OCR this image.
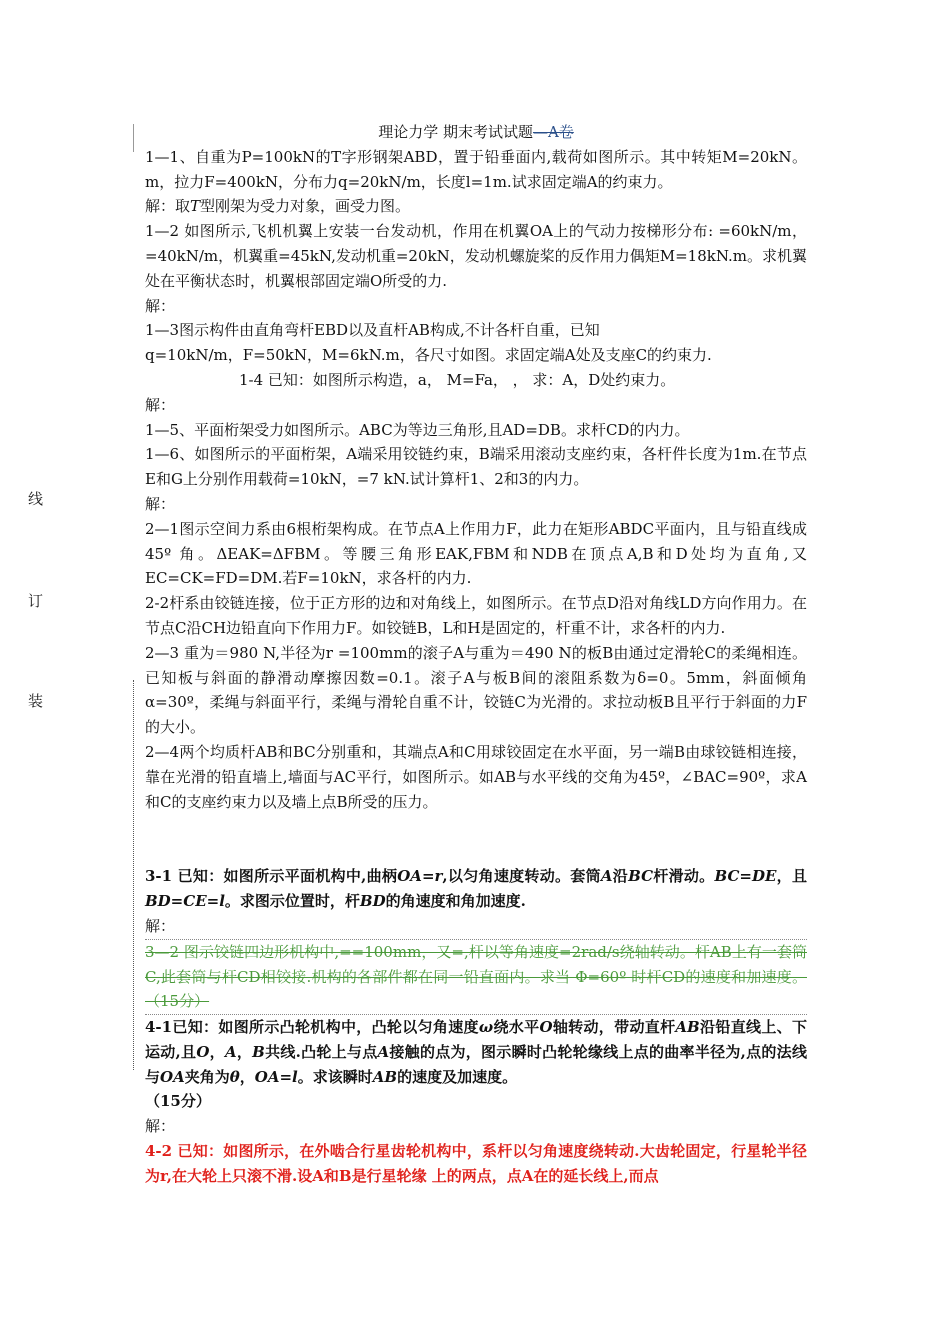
线
订
装

理论力学 期末考试试题—A卷

1—1、自重为P=100kN的T字形钢架ABD，置于铅垂面内,载荷如图所示。其中转矩M=20kN。m，拉力F=400kN，分布力q=20kN/m，长度l=1m.试求固定端A的约束力。

解：取T型刚架为受力对象，画受力图。

1—2 如图所示,飞机机翼上安装一台发动机，作用在机翼OA上的气动力按梯形分布: =60kN/m，=40kN/m，机翼重=45kN,发动机重=20kN，发动机螺旋桨的反作用力偶矩M=18kN.m。求机翼处在平衡状态时，机翼根部固定端O所受的力.

解：

1—3图示构件由直角弯杆EBD以及直杆AB构成,不计各杆自重，已知

q=10kN/m，F=50kN，M=6kN.m，各尺寸如图。求固定端A处及支座C的约束力.

1-4 已知：如图所示构造，a， M=Fa， ， 求：A，D处约束力。

解：

1—5、平面桁架受力如图所示。ABC为等边三角形,且AD=DB。求杆CD的内力。

1—6、如图所示的平面桁架，A端采用铰链约束，B端采用滚动支座约束，各杆件长度为1m.在节点E和G上分别作用载荷=10kN，=7 kN.试计算杆1、2和3的内力。

解：

2—1图示空间力系由6根桁架构成。在节点A上作用力F，此力在矩形ABDC平面内，且与铅直线成45º 角。ΔEAK=ΔFBM。等腰三角形EAK,FBM和NDB在顶点A,B和D处均为直角,又EC=CK=FD=DM.若F=10kN，求各杆的内力.

2-2杆系由铰链连接，位于正方形的边和对角线上，如图所示。在节点D沿对角线LD方向作用力。在节点C沿CH边铅直向下作用力F。如铰链B，L和H是固定的，杆重不计，求各杆的内力.

2—3 重为＝980 N,半径为r =100mm的滚子A与重为＝490 N的板B由通过定滑轮C的柔绳相连。已知板与斜面的静滑动摩擦因数=0.1。滚子A与板B间的滚阻系数为δ=0。5mm，斜面倾角α=30º，柔绳与斜面平行，柔绳与滑轮自重不计，铰链C为光滑的。求拉动板B且平行于斜面的力F的大小。

2—4两个均质杆AB和BC分别重和，其端点A和C用球铰固定在水平面，另一端B由球铰链相连接，靠在光滑的铅直墙上,墙面与AC平行，如图所示。如AB与水平线的交角为45º，∠BAC=90º，求A和C的支座约束力以及墙上点B所受的压力。

3-1 已知：如图所示平面机构中,曲柄OA=r,以匀角速度转动。套筒A沿BC杆滑动。BC=DE，且BD=CE=l。求图示位置时，杆BD的角速度和角加速度.

解：

3—2 图示铰链四边形机构中,==100mm，又=,杆以等角速度=2rad/s绕轴转动。杆AB上有一套筒C,此套筒与杆CD相铰接.机构的各部件都在同一铅直面内。求当 Φ=60º 时杆CD的速度和加速度。（15分）

4-1已知：如图所示凸轮机构中，凸轮以匀角速度ω绕水平O轴转动，带动直杆AB沿铅直线上、下运动,且O，A，B共线.凸轮上与点A接触的点为，图示瞬时凸轮轮缘线上点的曲率半径为,点的法线与OA夹角为θ，OA=l。求该瞬时AB的速度及加速度。

（15分）

解：

4-2 已知：如图所示，在外啮合行星齿轮机构中，系杆以匀角速度绕转动.大齿轮固定，行星轮半径为r,在大轮上只滚不滑.设A和B是行星轮缘 上的两点，点A在的延长线上,而点
